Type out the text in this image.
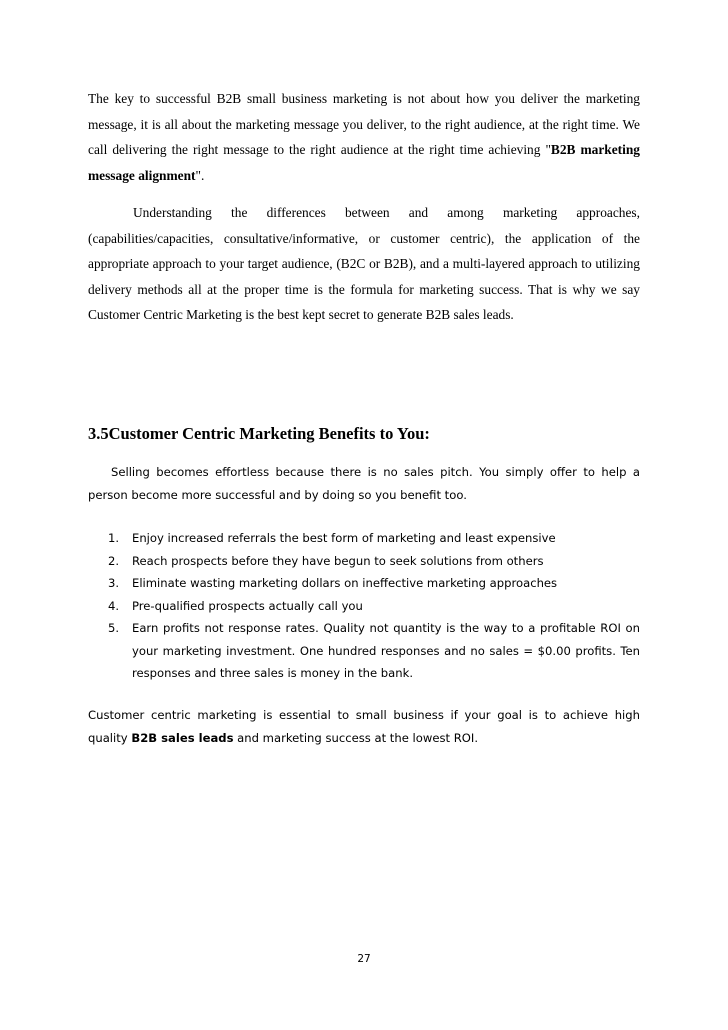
The key to successful B2B small business marketing is not about how you deliver the marketing message, it is all about the marketing message you deliver, to the right audience, at the right time. We call delivering the right message to the right audience at the right time achieving "B2B marketing message alignment".

Understanding the differences between and among marketing approaches, (capabilities/capacities, consultative/informative, or customer centric), the application of the appropriate approach to your target audience, (B2C or B2B), and a multi-layered approach to utilizing delivery methods all at the proper time is the formula for marketing success. That is why we say Customer Centric Marketing is the best kept secret to generate B2B sales leads.

3.5Customer Centric Marketing Benefits to You:

Selling becomes effortless because there is no sales pitch. You simply offer to help a person become more successful and by doing so you benefit too.

1. Enjoy increased referrals the best form of marketing and least expensive
2. Reach prospects before they have begun to seek solutions from others
3. Eliminate wasting marketing dollars on ineffective marketing approaches
4. Pre-qualified prospects actually call you
5. Earn profits not response rates. Quality not quantity is the way to a profitable ROI on your marketing investment. One hundred responses and no sales = $0.00 profits. Ten responses and three sales is money in the bank.

Customer centric marketing is essential to small business if your goal is to achieve high quality B2B sales leads and marketing success at the lowest ROI.

27
